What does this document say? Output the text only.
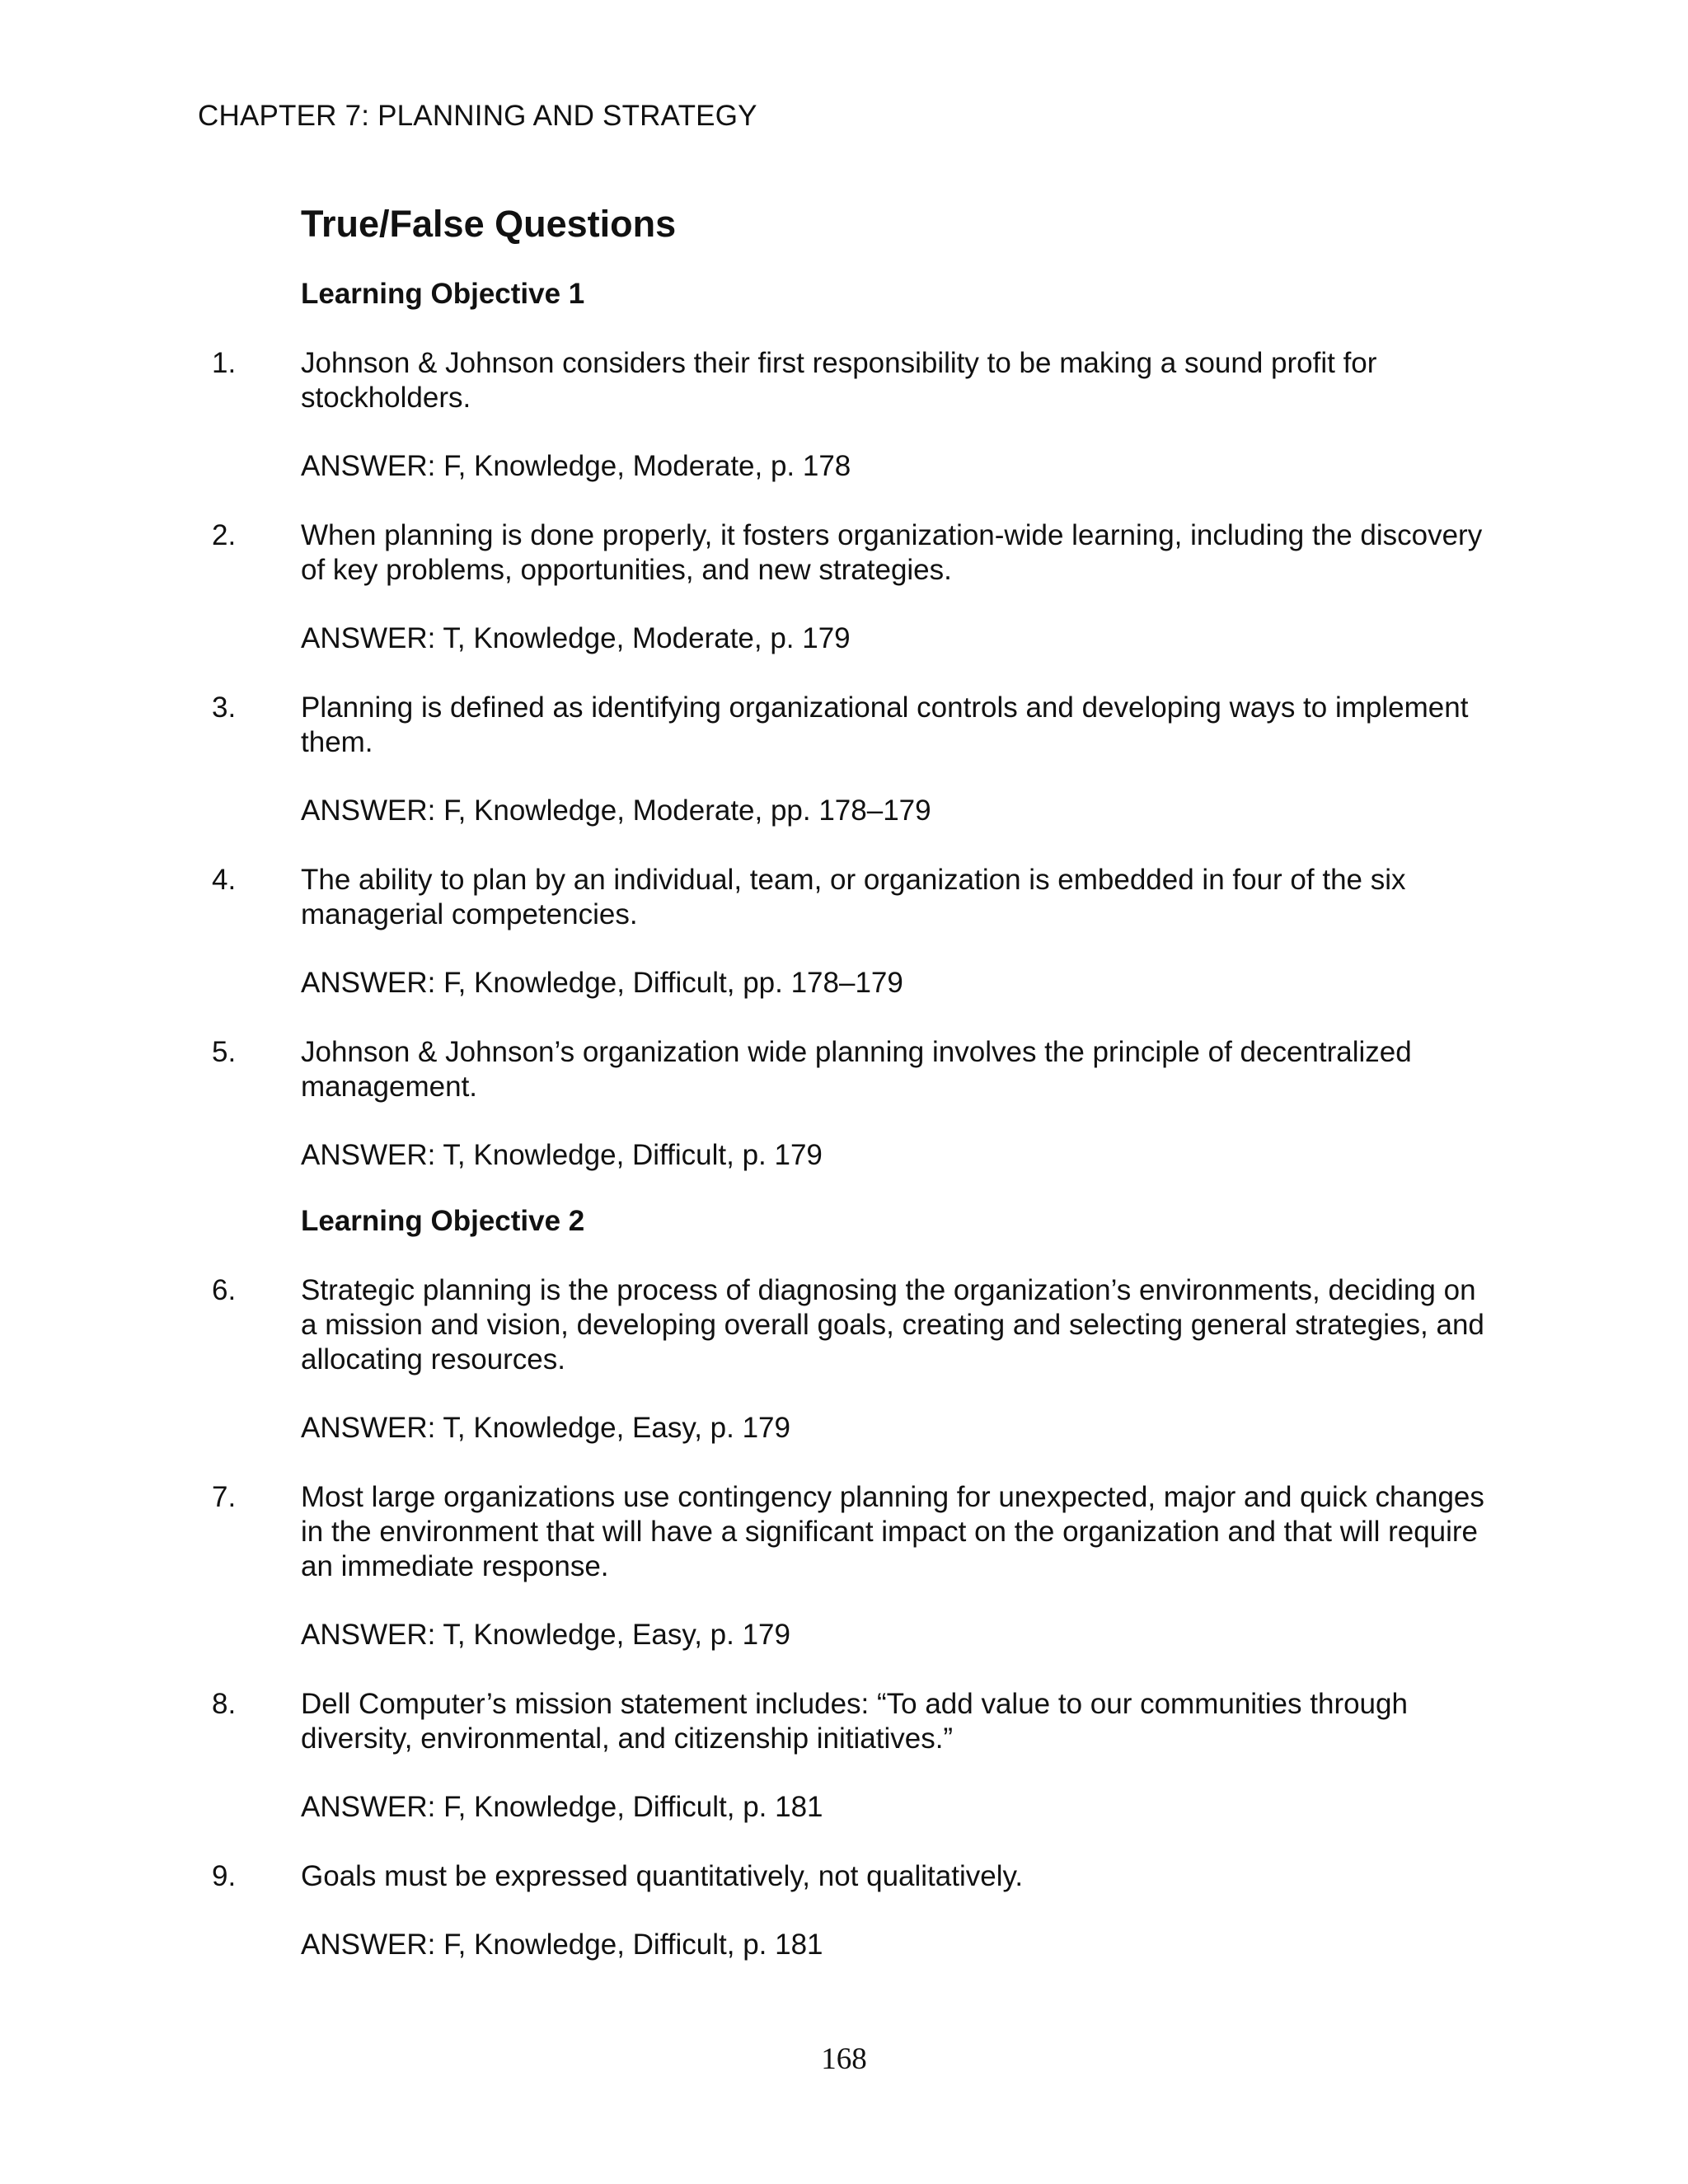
CHAPTER 7: PLANNING AND STRATEGY
True/False Questions
Learning Objective 1
1. Johnson & Johnson considers their first responsibility to be making a sound profit for stockholders.
ANSWER: F, Knowledge, Moderate, p. 178
2. When planning is done properly, it fosters organization-wide learning, including the discovery of key problems, opportunities, and new strategies.
ANSWER: T, Knowledge, Moderate, p. 179
3. Planning is defined as identifying organizational controls and developing ways to implement them.
ANSWER: F, Knowledge, Moderate, pp. 178–179
4. The ability to plan by an individual, team, or organization is embedded in four of the six managerial competencies.
ANSWER: F, Knowledge, Difficult, pp. 178–179
5. Johnson & Johnson’s organization wide planning involves the principle of decentralized management.
ANSWER: T, Knowledge, Difficult, p. 179
Learning Objective 2
6. Strategic planning is the process of diagnosing the organization’s environments, deciding on a mission and vision, developing overall goals, creating and selecting general strategies, and allocating resources.
ANSWER: T, Knowledge, Easy, p. 179
7. Most large organizations use contingency planning for unexpected, major and quick changes in the environment that will have a significant impact on the organization and that will require an immediate response.
ANSWER: T, Knowledge, Easy, p. 179
8. Dell Computer’s mission statement includes: “To add value to our communities through diversity, environmental, and citizenship initiatives.”
ANSWER: F, Knowledge, Difficult, p. 181
9. Goals must be expressed quantitatively, not qualitatively.
ANSWER: F, Knowledge, Difficult, p. 181
168
